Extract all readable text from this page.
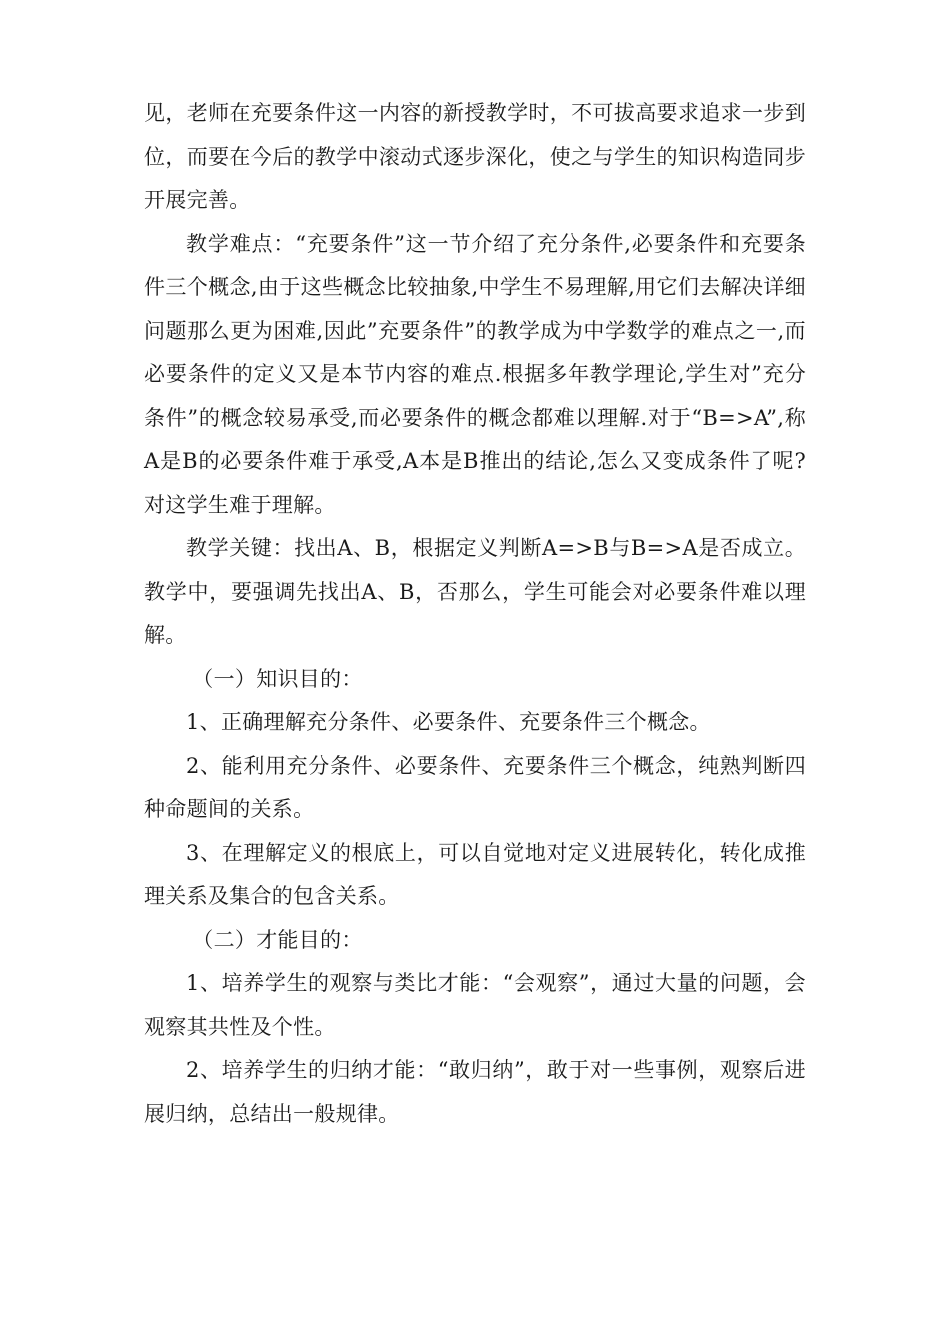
见，老师在充要条件这一内容的新授教学时，不可拔高要求追求一步到位，而要在今后的教学中滚动式逐步深化，使之与学生的知识构造同步开展完善。

教学难点：“充要条件”这一节介绍了充分条件,必要条件和充要条件三个概念,由于这些概念比较抽象,中学生不易理解,用它们去解决详细问题那么更为困难,因此”充要条件”的教学成为中学数学的难点之一,而必要条件的定义又是本节内容的难点.根据多年教学理论,学生对”充分条件”的概念较易承受,而必要条件的概念都难以理解.对于“B=>A”,称A是B的必要条件难于承受,A本是B推出的结论,怎么又变成条件了呢?对这学生难于理解。

教学关键：找出A、B，根据定义判断A=>B与B=>A是否成立。教学中，要强调先找出A、B，否那么，学生可能会对必要条件难以理解。

（一）知识目的：

1、正确理解充分条件、必要条件、充要条件三个概念。

2、能利用充分条件、必要条件、充要条件三个概念，纯熟判断四种命题间的关系。

3、在理解定义的根底上，可以自觉地对定义进展转化，转化成推理关系及集合的包含关系。

（二）才能目的：

1、培养学生的观察与类比才能：“会观察”，通过大量的问题，会观察其共性及个性。

2、培养学生的归纳才能：“敢归纳”，敢于对一些事例，观察后进展归纳，总结出一般规律。
